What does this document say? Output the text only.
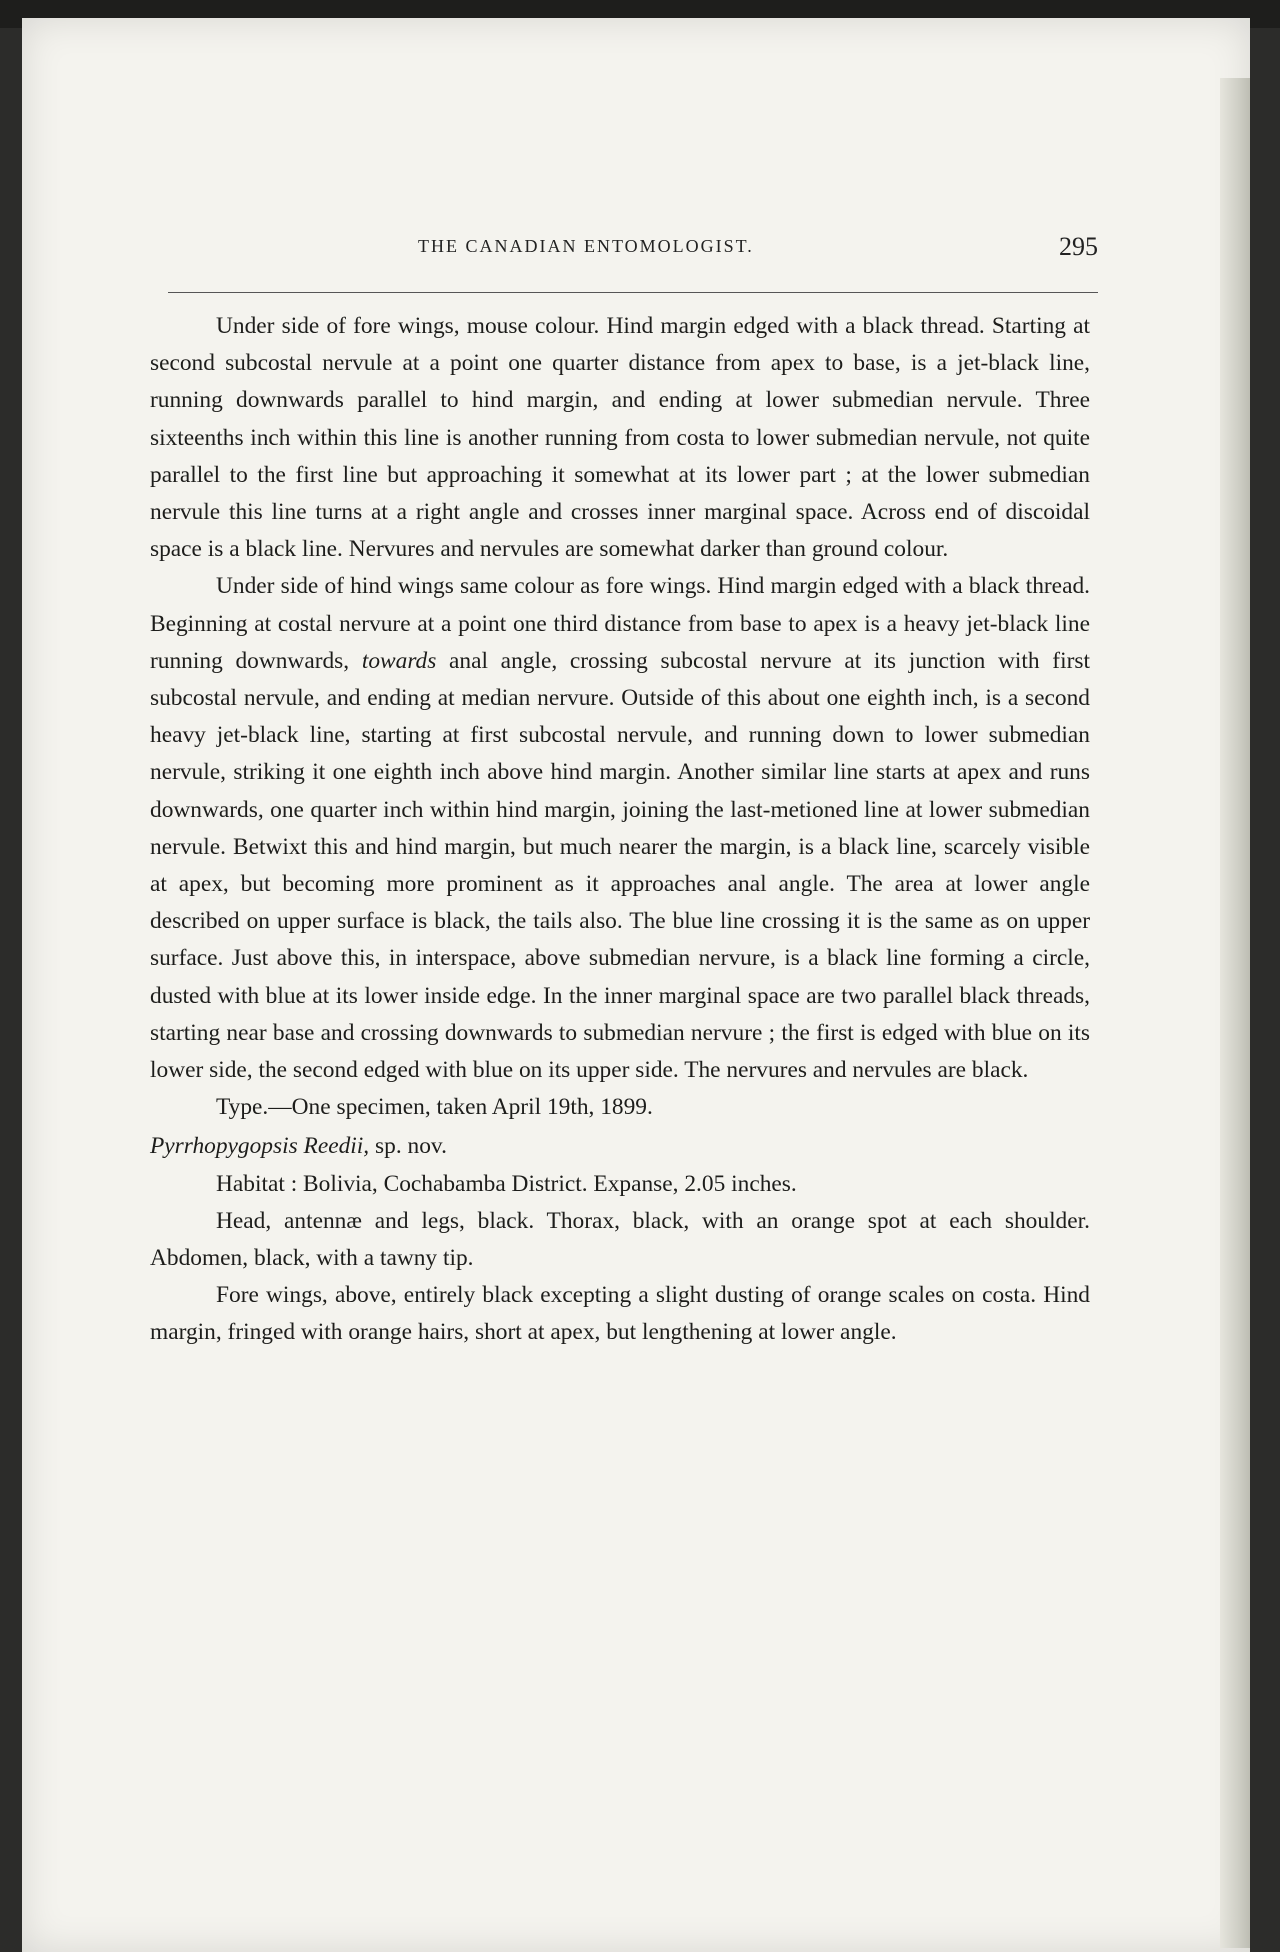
THE CANADIAN ENTOMOLOGIST.	295

Under side of fore wings, mouse colour. Hind margin edged with a black thread. Starting at second subcostal nervule at a point one quarter distance from apex to base, is a jet-black line, running downwards parallel to hind margin, and ending at lower submedian nervule. Three sixteenths inch within this line is another running from costa to lower submedian nervule, not quite parallel to the first line but approaching it somewhat at its lower part ; at the lower submedian nervule this line turns at a right angle and crosses inner marginal space. Across end of discoidal space is a black line. Nervures and nervules are somewhat darker than ground colour.

Under side of hind wings same colour as fore wings. Hind margin edged with a black thread. Beginning at costal nervure at a point one third distance from base to apex is a heavy jet-black line running downwards, towards anal angle, crossing subcostal nervure at its junction with first subcostal nervule, and ending at median nervure. Outside of this about one eighth inch, is a second heavy jet-black line, starting at first subcostal nervule, and running down to lower submedian nervule, striking it one eighth inch above hind margin. Another similar line starts at apex and runs downwards, one quarter inch within hind margin, joining the last-metioned line at lower submedian nervule. Betwixt this and hind margin, but much nearer the margin, is a black line, scarcely visible at apex, but becoming more prominent as it approaches anal angle. The area at lower angle described on upper surface is black, the tails also. The blue line crossing it is the same as on upper surface. Just above this, in interspace, above submedian nervure, is a black line forming a circle, dusted with blue at its lower inside edge. In the inner marginal space are two parallel black threads, starting near base and crossing downwards to submedian nervure ; the first is edged with blue on its lower side, the second edged with blue on its upper side. The nervures and nervules are black.

Type.—One specimen, taken April 19th, 1899.

Pyrrhopygopsis Reedii, sp. nov.

Habitat : Bolivia, Cochabamba District. Expanse, 2.05 inches.

Head, antennæ and legs, black. Thorax, black, with an orange spot at each shoulder. Abdomen, black, with a tawny tip.

Fore wings, above, entirely black excepting a slight dusting of orange scales on costa. Hind margin, fringed with orange hairs, short at apex, but lengthening at lower angle.
